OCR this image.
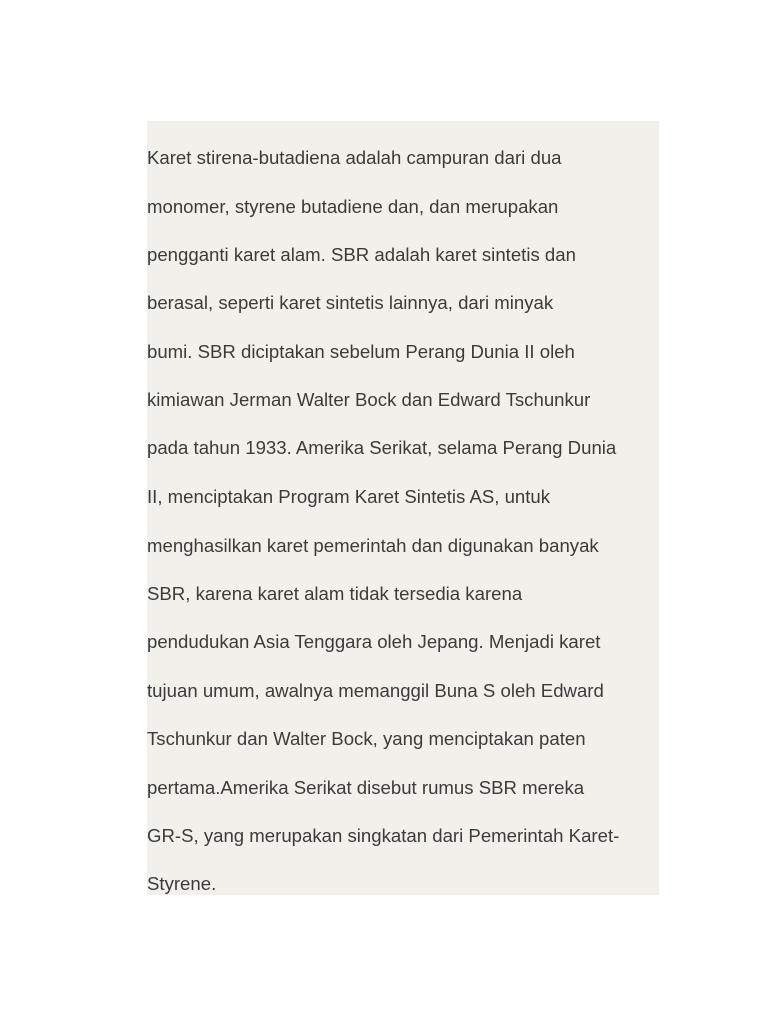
Karet stirena-butadiena adalah campuran dari dua
monomer, styrene butadiene dan, dan merupakan
pengganti karet alam. SBR adalah karet sintetis dan
berasal, seperti karet sintetis lainnya, dari minyak
bumi. SBR diciptakan sebelum Perang Dunia II oleh
kimiawan Jerman Walter Bock dan Edward Tschunkur
pada tahun 1933. Amerika Serikat, selama Perang Dunia
II, menciptakan Program Karet Sintetis AS, untuk
menghasilkan karet pemerintah dan digunakan banyak
SBR, karena karet alam tidak tersedia karena
pendudukan Asia Tenggara oleh Jepang. Menjadi karet
tujuan umum, awalnya memanggil Buna S oleh Edward
Tschunkur dan Walter Bock, yang menciptakan paten
pertama.Amerika Serikat disebut rumus SBR mereka
GR-S, yang merupakan singkatan dari Pemerintah Karet-
Styrene.
